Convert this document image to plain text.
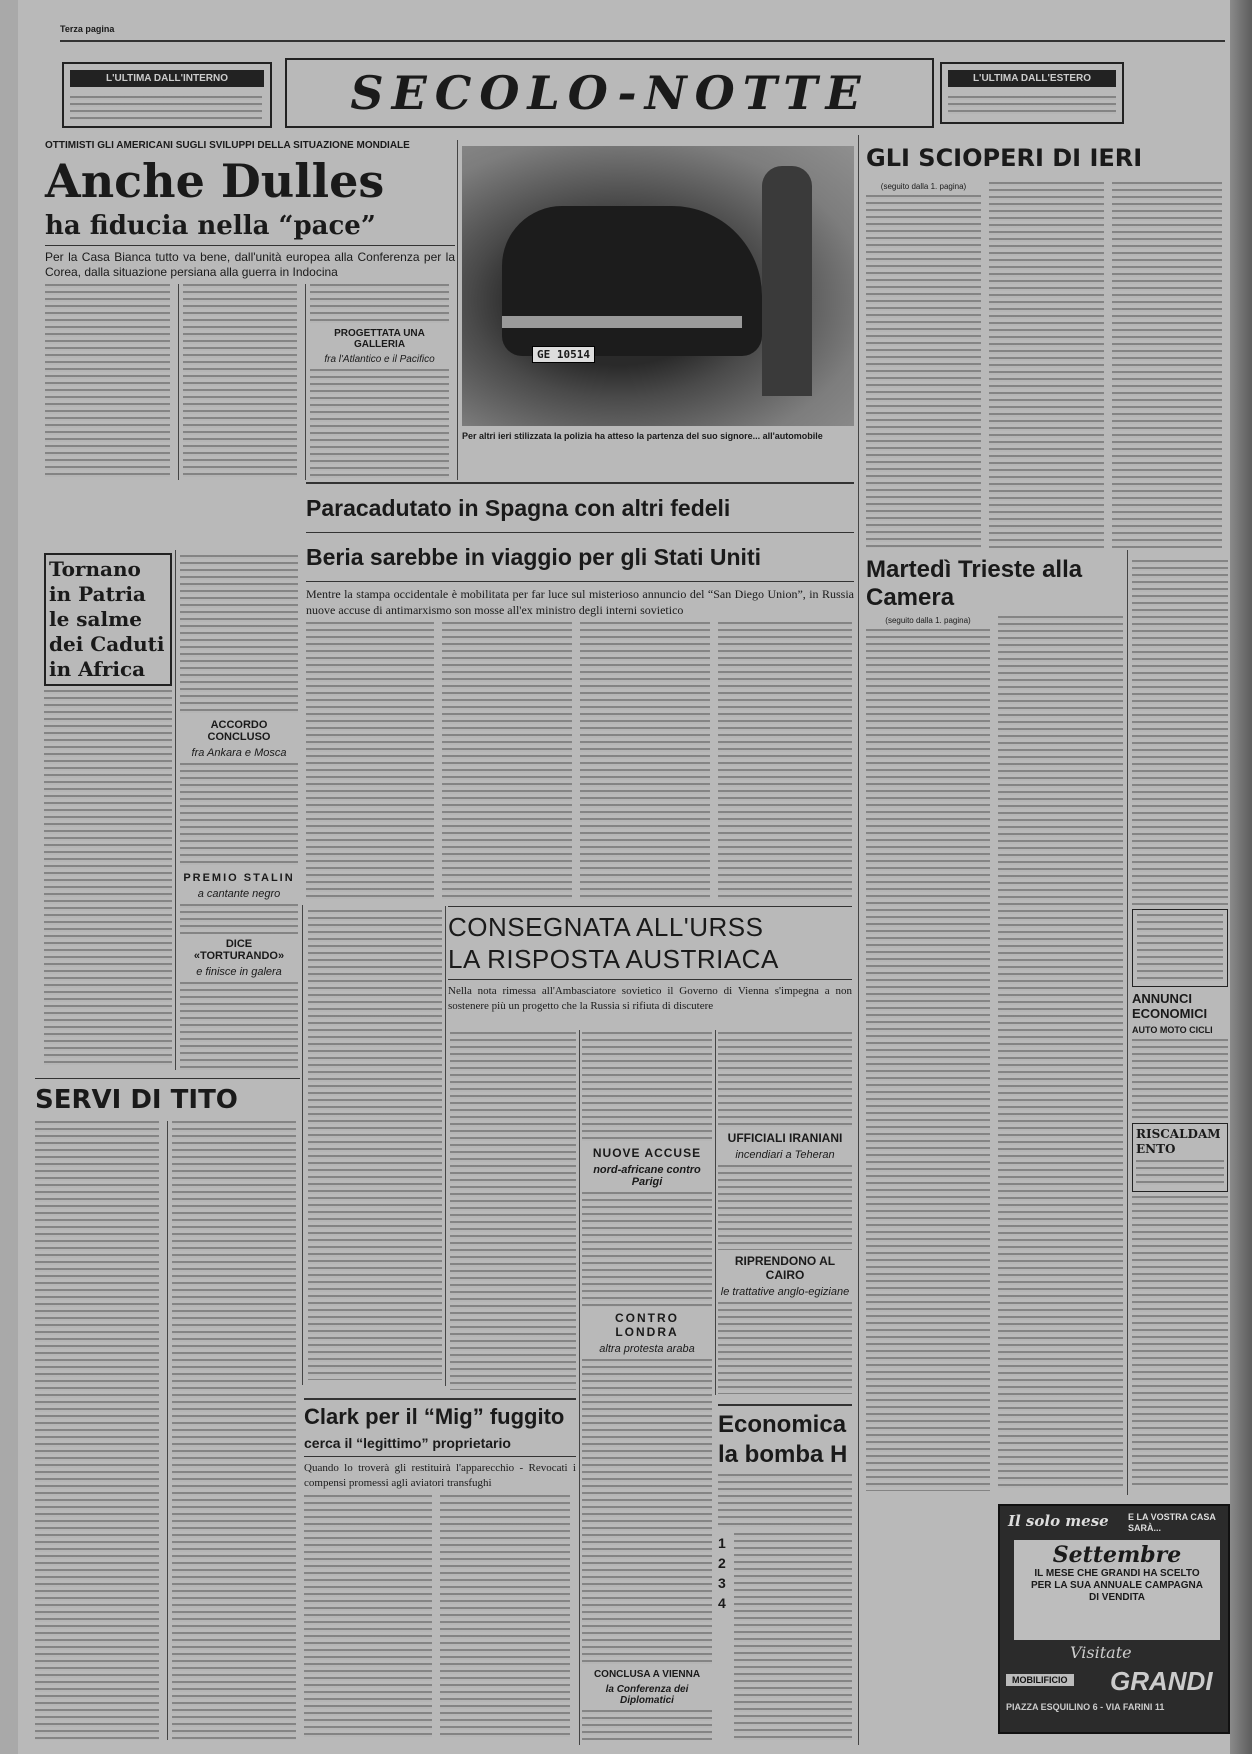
Terza pagina
L'ULTIMA DALL'INTERNO	SECOLO-NOTTE	L'ULTIMA DALL'ESTERO
OTTIMISTI GLI AMERICANI SUGLI SVILUPPI DELLA SITUAZIONE MONDIALE
Anche Dulles
ha fiducia nella “pace”
Per la Casa Bianca tutto va bene, dall'unità europea alla Conferenza per la Corea, dalla situazione persiana alla guerra in Indocina
PROGETTATA UNA GALLERIA
fra l'Atlantico e il Pacifico	GE 10514
Per altri ieri stilizzata la polizia ha atteso la partenza del suo signore... all'automobile
GLI SCIOPERI DI IERI
(seguito dalla 1. pagina)
Paracadutato in Spagna con altri fedeli
Beria sarebbe in viaggio per gli Stati Uniti
Mentre la stampa occidentale è mobilitata per far luce sul misterioso annuncio del “San Diego Union”, in Russia nuove accuse di antimarxismo son mosse all'ex ministro degli interni sovietico
Tornano in Patria le salme dei Caduti in Africa
ACCORDO CONCLUSO
fra Ankara e Mosca
PREMIO STALIN
a cantante negro
DICE «TORTURANDO»
e finisce in galera
Martedì Trieste alla Camera
(seguito dalla 1. pagina)
ANNUNCI ECONOMICI
AUTO MOTO CICLI
RISCALDAMENTO
CONSEGNATA ALL'URSS
LA RISPOSTA AUSTRIACA
Nella nota rimessa all'Ambasciatore sovietico il Governo di Vienna s'impegna a non sostenere più un progetto che la Russia si rifiuta di discutere
NUOVE ACCUSE
nord-africane contro Parigi
CONTRO LONDRA
altra protesta araba
CONCLUSA A VIENNA
la Conferenza dei Diplomatici
UFFICIALI IRANIANI
incendiari a Teheran
RIPRENDONO AL CAIRO
le trattative anglo-egiziane
SERVI DI TITO
Clark per il “Mig” fuggito
cerca il “legittimo” proprietario
Quando lo troverà gli restituirà l'apparecchio - Revocati i compensi promessi agli aviatori transfughi
Economica
la bomba H
1
2
3
4
Il solo mese E LA VOSTRA CASA SARÀ...
Settembre
IL MESE CHE GRANDI HA SCELTO PER LA SUA ANNUALE CAMPAGNA DI VENDITA
Visitate
MOBILIFICIO GRANDI
PIAZZA ESQUILINO 6 - VIA FARINI 11
